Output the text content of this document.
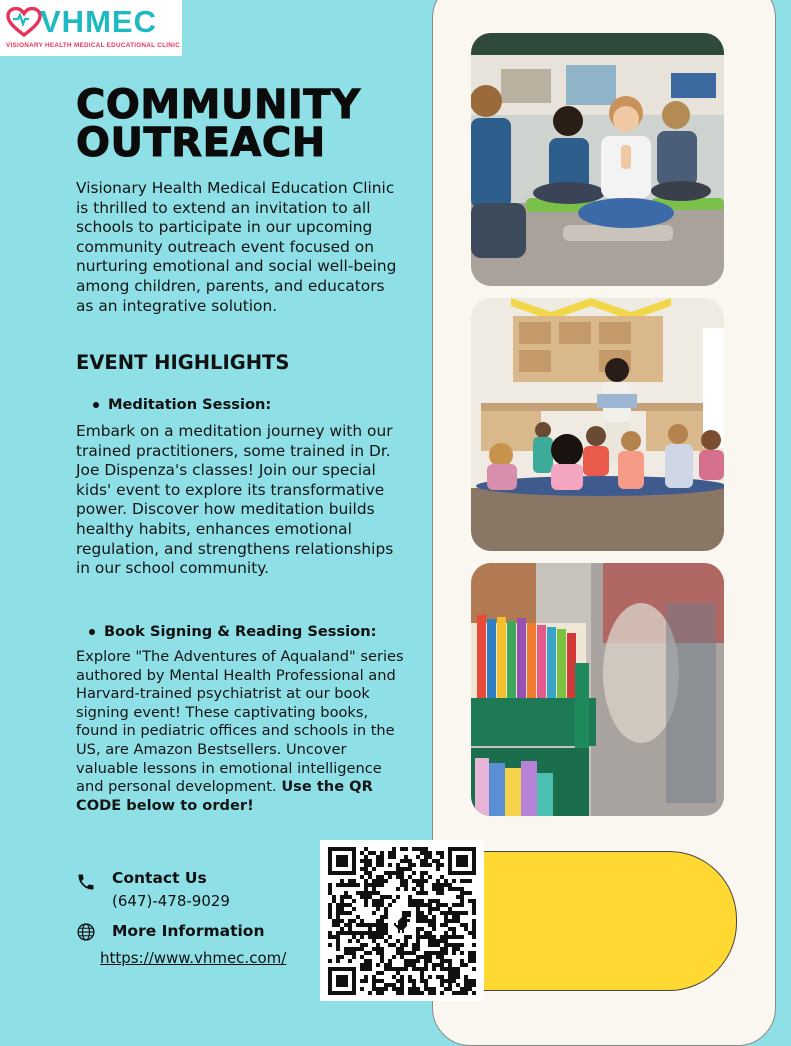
VHMEC
VISIONARY HEALTH MEDICAL EDUCATIONAL CLINIC
COMMUNITY
OUTREACH
Visionary Health Medical Education Clinic is thrilled to extend an invitation to all schools to participate in our upcoming community outreach event focused on nurturing emotional and social well-being among children, parents, and educators as an integrative solution.
EVENT HIGHLIGHTS
Meditation Session:
Embark on a meditation journey with our trained practitioners, some trained in Dr. Joe Dispenza's classes! Join our special kids' event to explore its transformative power. Discover how meditation builds healthy habits, enhances emotional regulation, and strengthens relationships in our school community.
Book Signing & Reading Session:
Explore "The Adventures of Aqualand" series authored by Mental Health Professional and Harvard-trained psychiatrist at our book signing event! These captivating books, found in pediatric offices and schools in the US, are Amazon Bestsellers. Uncover valuable lessons in emotional intelligence and personal development. Use the QR CODE below to order!
Contact Us
(647)-478-9029
More Information
https://www.vhmec.com/
